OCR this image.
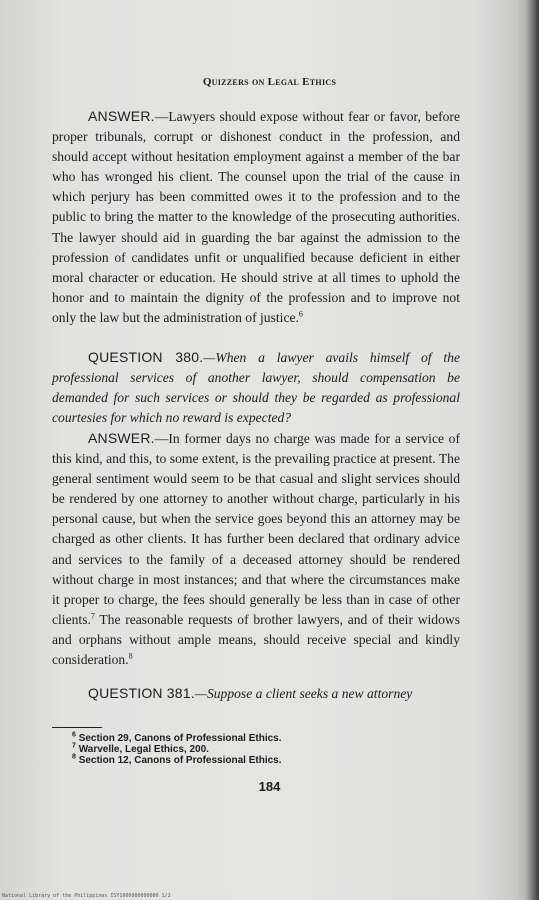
Quizzers on Legal Ethics

ANSWER.—Lawyers should expose without fear or favor, before proper tribunals, corrupt or dishonest conduct in the profession, and should accept without hesitation employment against a member of the bar who has wronged his client. The counsel upon the trial of the cause in which perjury has been committed owes it to the profession and to the public to bring the matter to the knowledge of the prosecuting authorities. The lawyer should aid in guarding the bar against the admission to the profession of candidates unfit or unqualified because deficient in either moral character or education. He should strive at all times to uphold the honor and to maintain the dignity of the profession and to improve not only the law but the administration of justice.$^6$

QUESTION 380.—When a lawyer avails himself of the professional services of another lawyer, should compensation be demanded for such services or should they be regarded as professional courtesies for which no reward is expected?

ANSWER.—In former days no charge was made for a service of this kind, and this, to some extent, is the prevailing practice at present. The general sentiment would seem to be that casual and slight services should be rendered by one attorney to another without charge, particularly in his personal cause, but when the service goes beyond this an attorney may be charged as other clients. It has further been declared that ordinary advice and services to the family of a deceased attorney should be rendered without charge in most instances; and that where the circumstances make it proper to charge, the fees should generally be less than in case of other clients.$^7$ The reasonable requests of brother lawyers, and of their widows and orphans without ample means, should receive special and kindly consideration.$^8$

QUESTION 381.—Suppose a client seeks a new attorney

$^6$ Section 29, Canons of Professional Ethics.
$^7$ Warvelle, Legal Ethics, 200.
$^8$ Section 12, Canons of Professional Ethics.
184
National Library of the Philippines ISY1000000000000 1/2
